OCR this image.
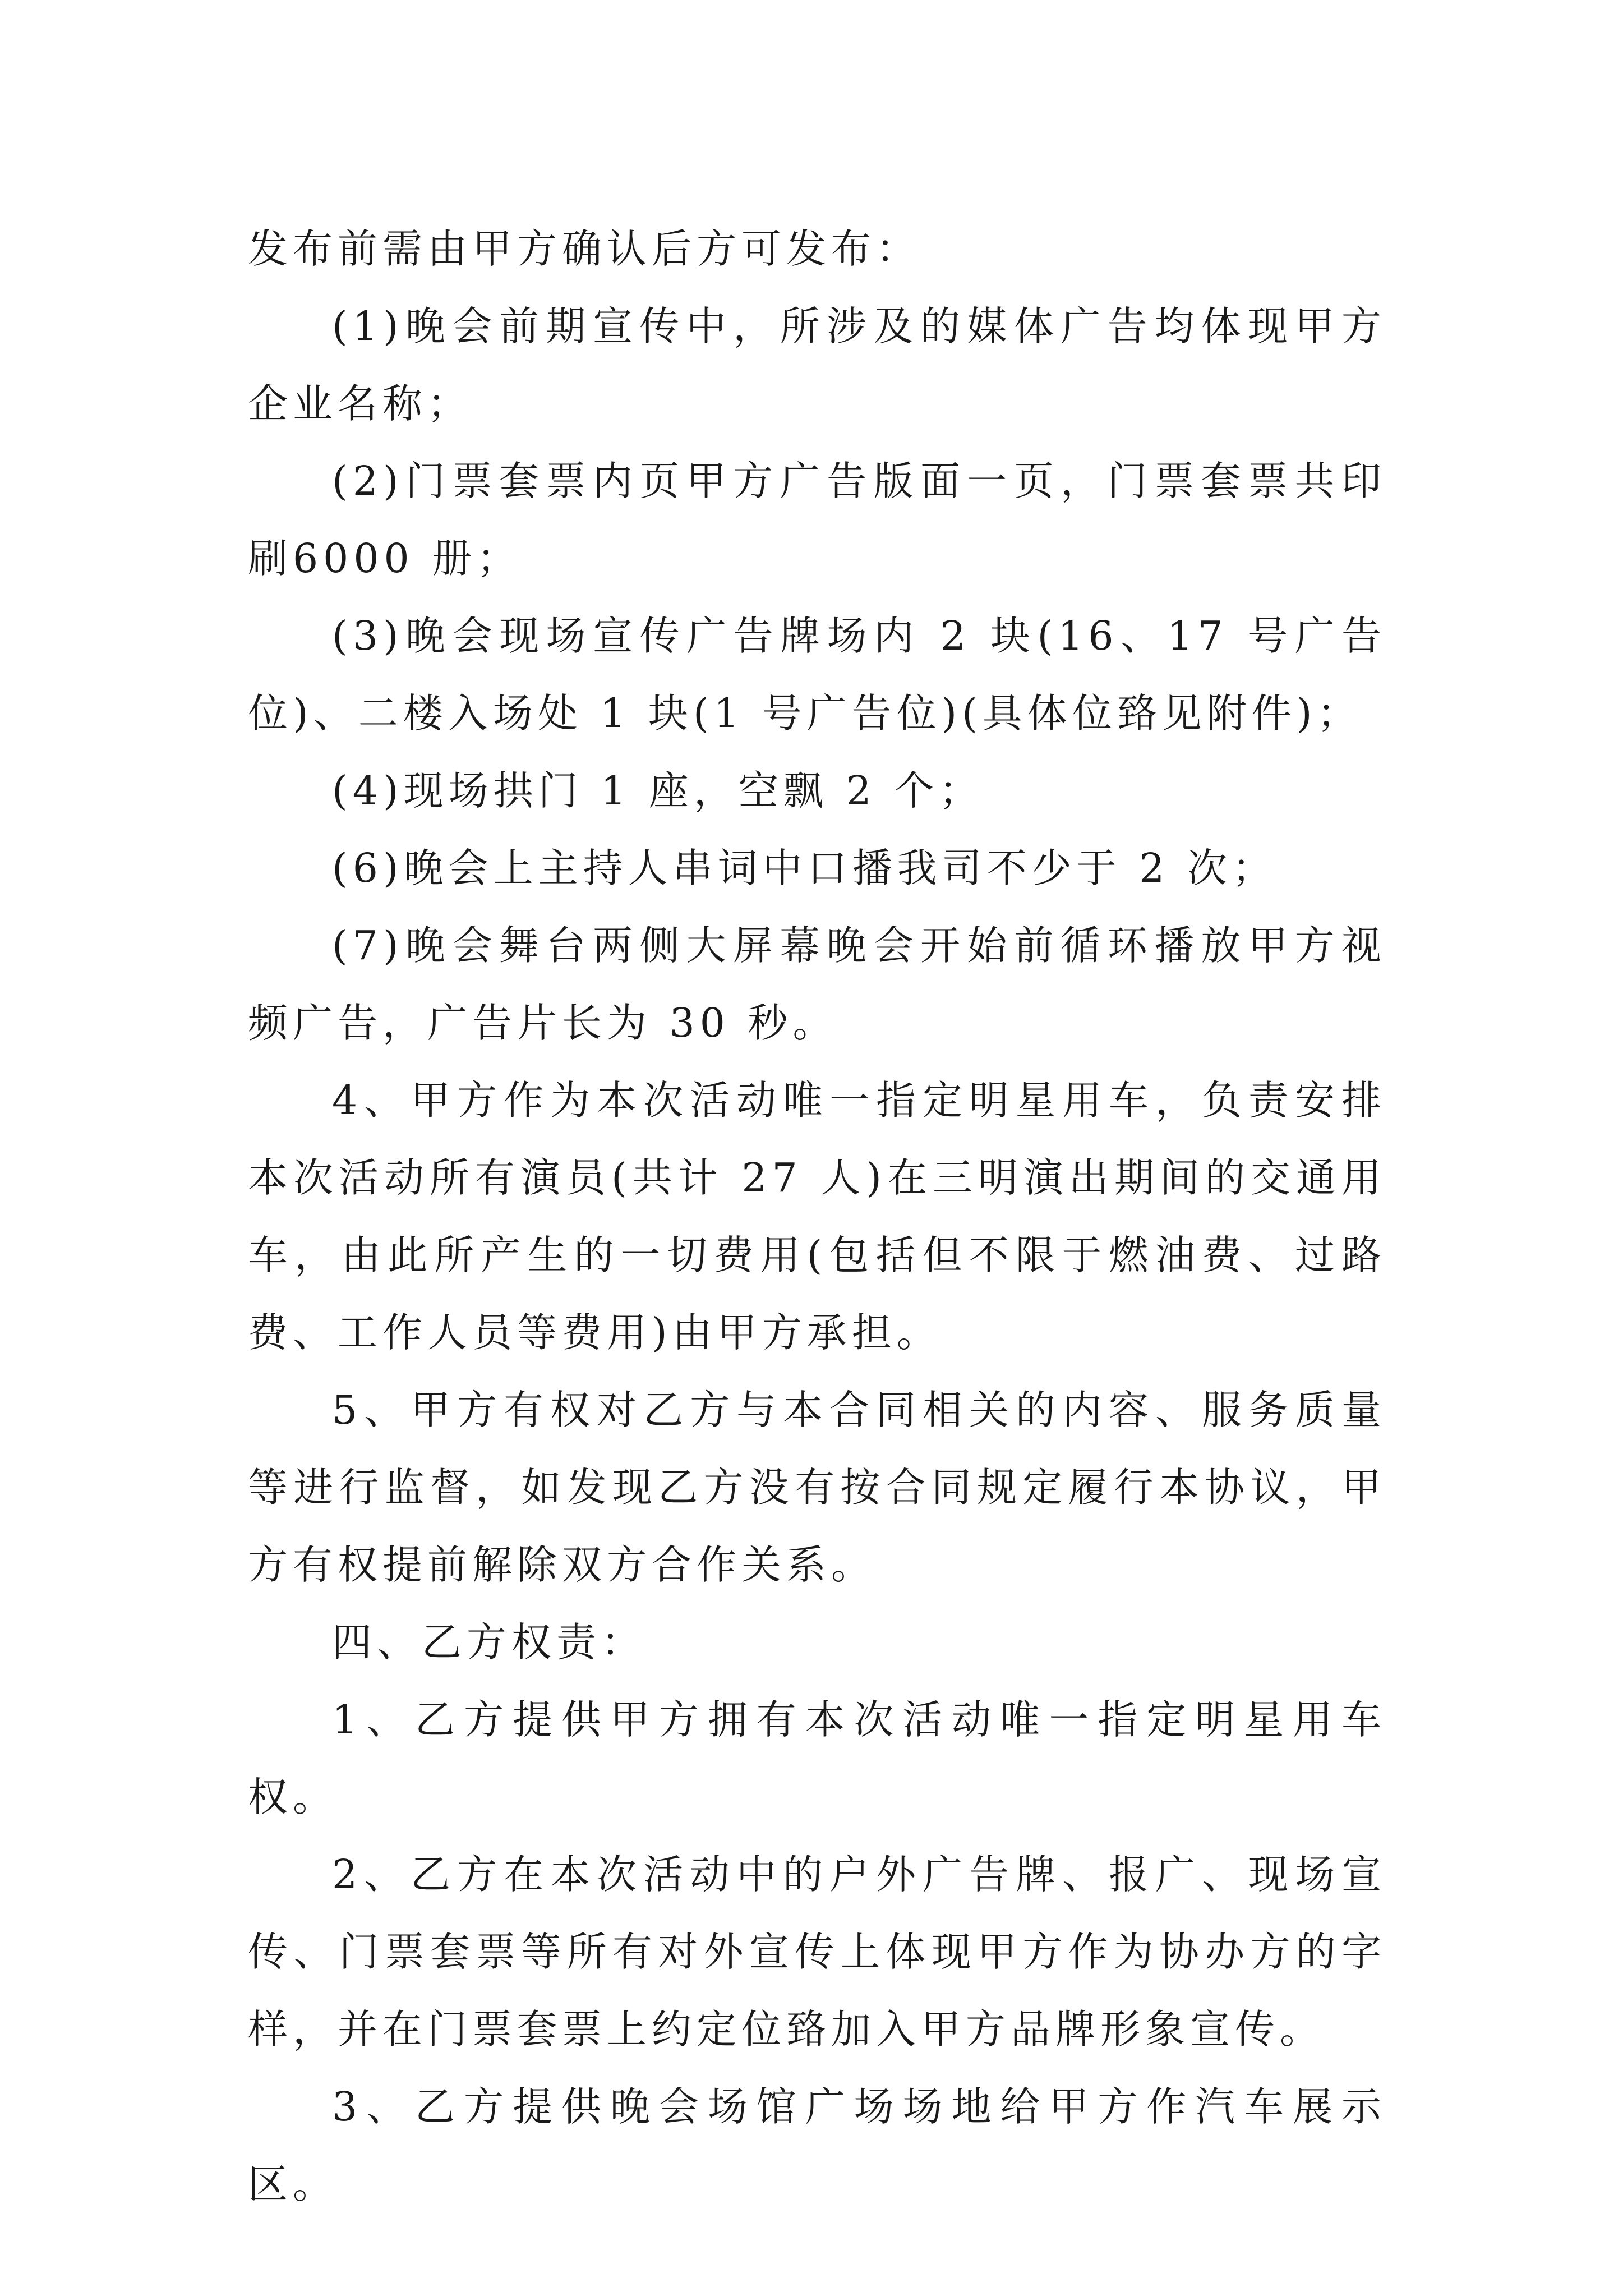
发布前需由甲方确认后方可发布：

(1)晚会前期宣传中，所涉及的媒体广告均体现甲方企业名称；

(2)门票套票内页甲方广告版面一页，门票套票共印刷6000 册；

(3)晚会现场宣传广告牌场内 2 块(16、17 号广告位)、二楼入场处 1 块(1 号广告位)(具体位臵见附件)；

(4)现场拱门 1 座，空飘 2 个；

(6)晚会上主持人串词中口播我司不少于 2 次；

(7)晚会舞台两侧大屏幕晚会开始前循环播放甲方视频广告，广告片长为 30 秒。

4、甲方作为本次活动唯一指定明星用车，负责安排本次活动所有演员(共计 27 人)在三明演出期间的交通用车，由此所产生的一切费用(包括但不限于燃油费、过路费、工作人员等费用)由甲方承担。

5、甲方有权对乙方与本合同相关的内容、服务质量等进行监督，如发现乙方没有按合同规定履行本协议，甲方有权提前解除双方合作关系。

四、乙方权责：

1、乙方提供甲方拥有本次活动唯一指定明星用车权。

2、乙方在本次活动中的户外广告牌、报广、现场宣传、门票套票等所有对外宣传上体现甲方作为协办方的字样，并在门票套票上约定位臵加入甲方品牌形象宣传。

3、乙方提供晚会场馆广场场地给甲方作汽车展示区。
